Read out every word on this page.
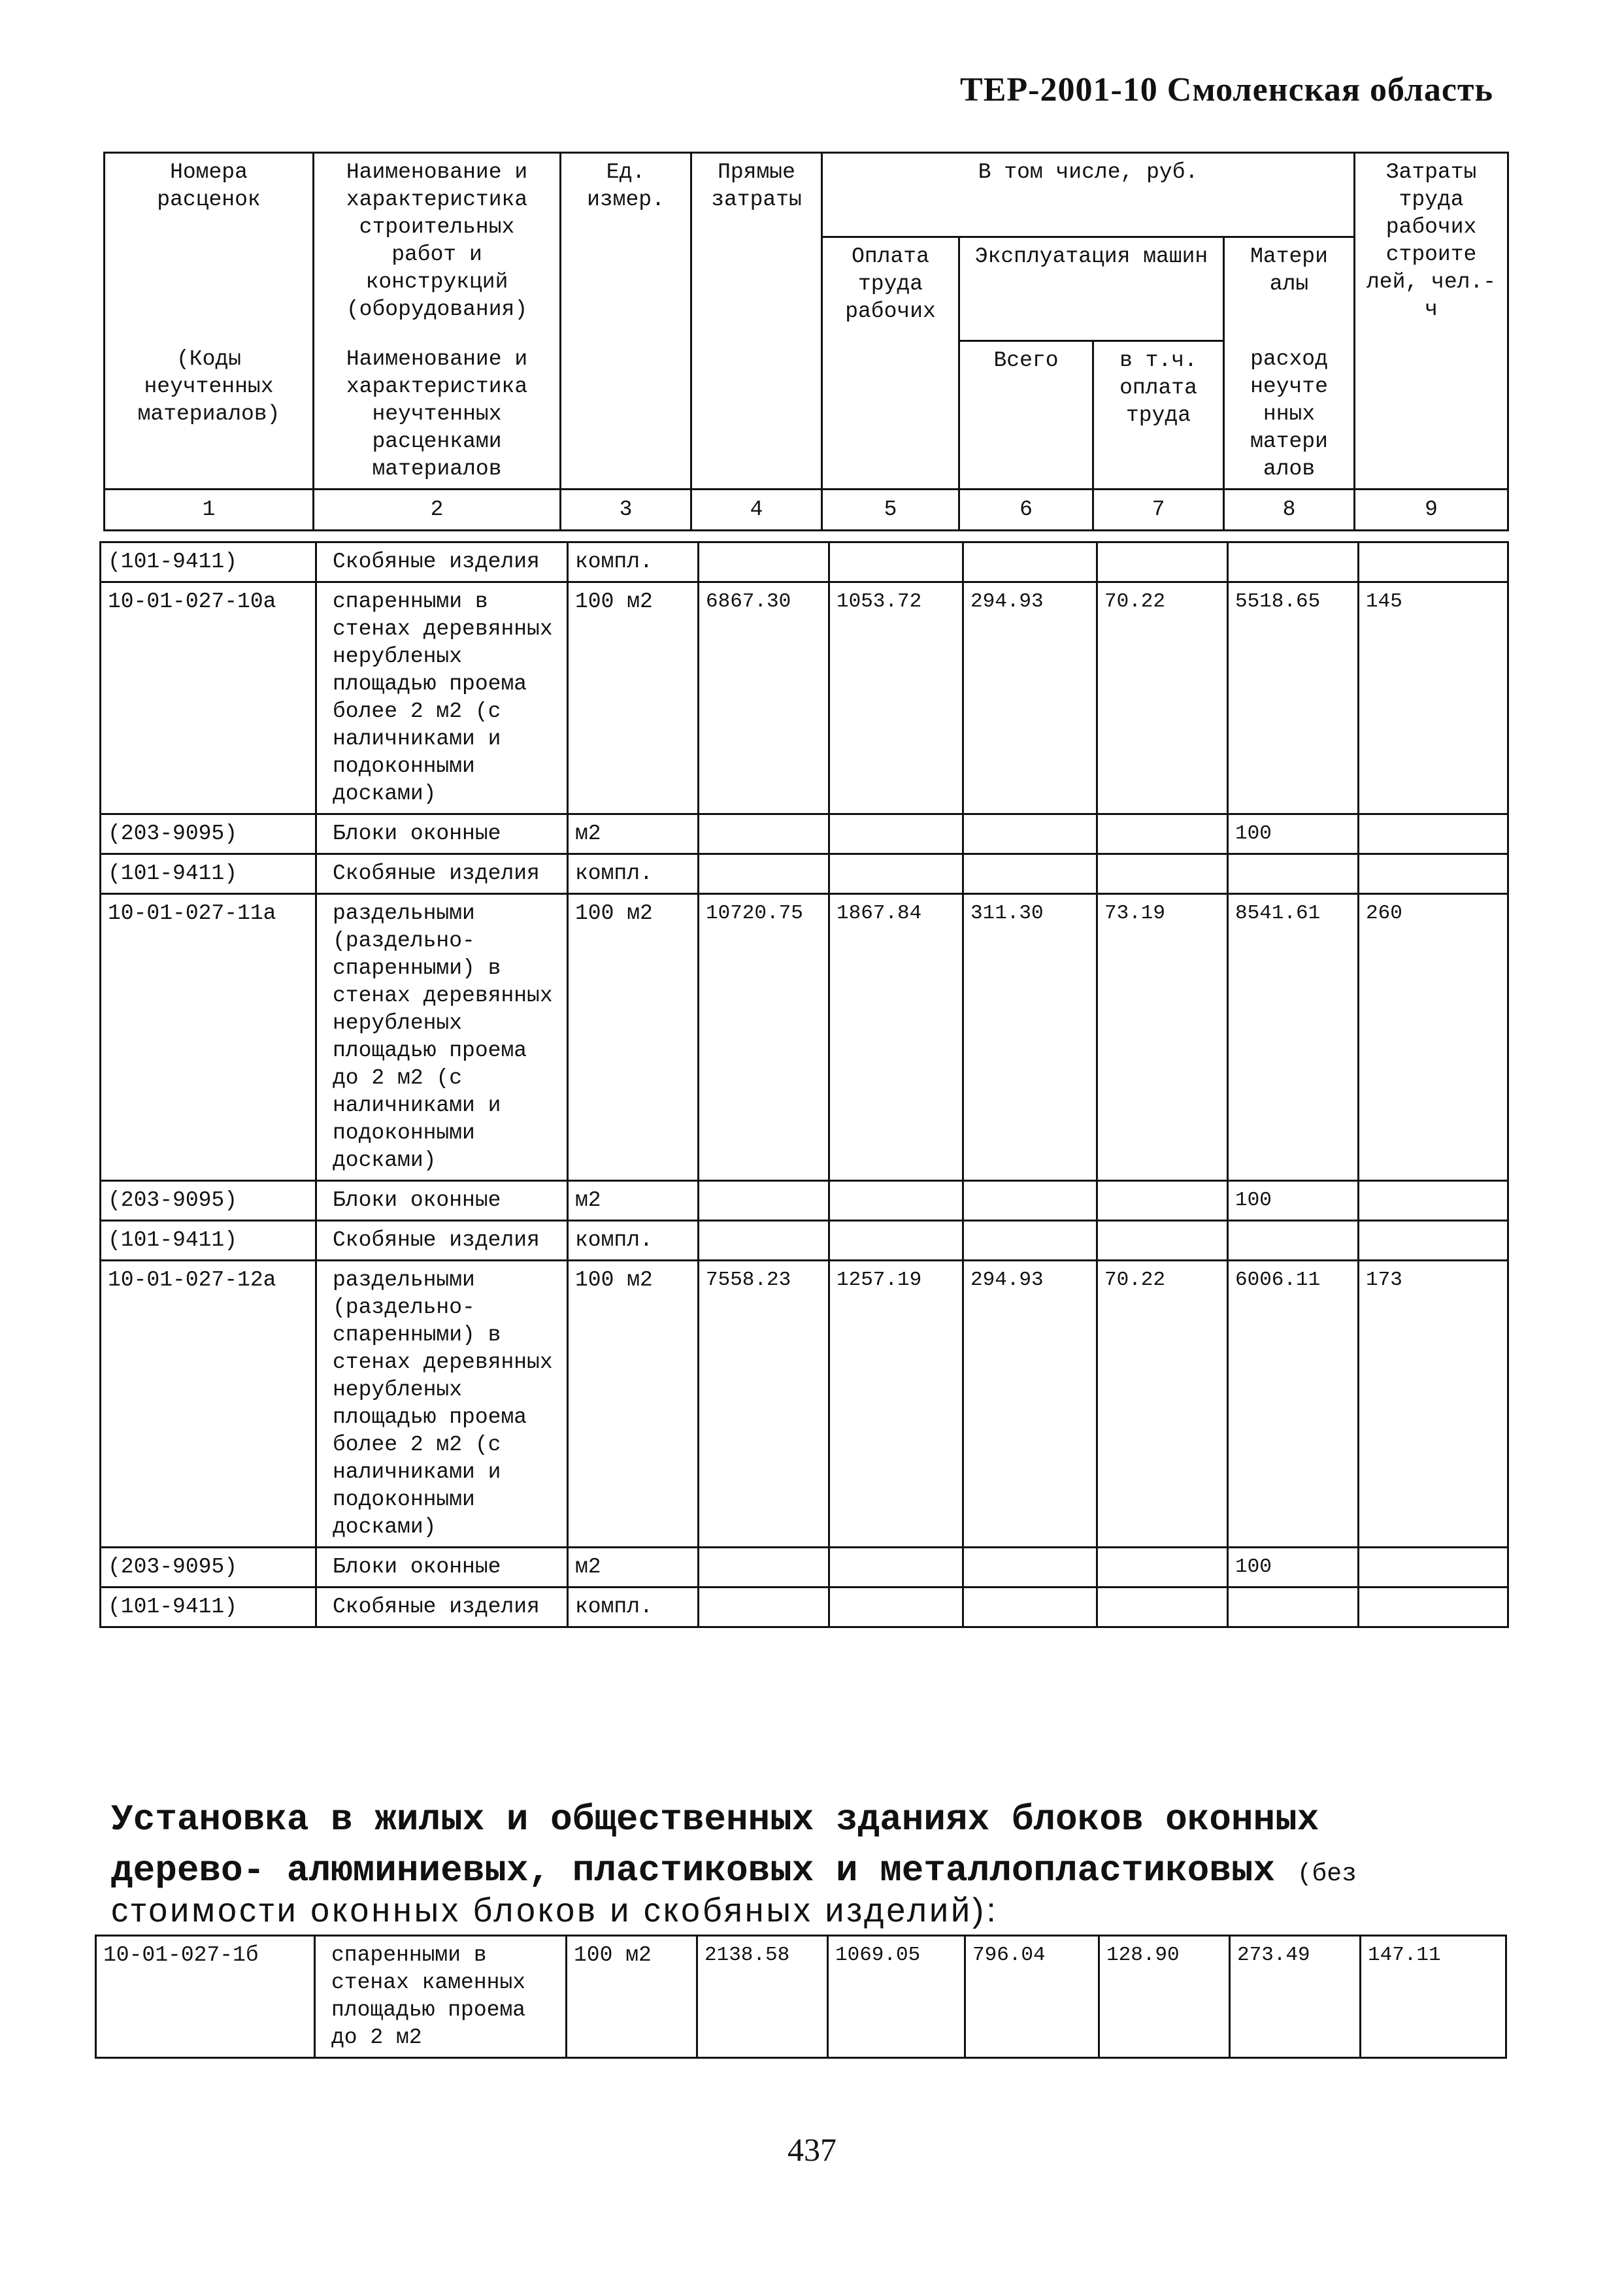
ТЕР-2001-10 Смоленская область
Номера расценок	Наименование и характеристика строительных работ и конструкций (оборудования)	Ед. измер.	Прямые затраты	В том числе, руб.				Затраты труда рабочих строите лей, чел.-ч
				Оплата труда рабочих	Эксплуатация машин		Матери алы	
(Коды неучтенных материалов)	Наименование и характеристика неучтенных расценками материалов				Всего	в т.ч. оплата труда	расход неучте нных матери алов	

1	2	3	4	5	6	7	8	9
(101-9411)	Скобяные изделия	компл.						
10-01-027-10а	спаренными в стенах деревянных нерубленых площадью проема более 2 м2 (с наличниками и подоконными досками)	100 м2	6867.30	1053.72	294.93	70.22	5518.65	145
(203-9095)	Блоки оконные	м2					100	
(101-9411)	Скобяные изделия	компл.						
10-01-027-11а	раздельными (раздельно-спаренными) в стенах деревянных нерубленых площадью проема до 2 м2 (с наличниками и подоконными досками)	100 м2	10720.75	1867.84	311.30	73.19	8541.61	260
(203-9095)	Блоки оконные	м2					100	
(101-9411)	Скобяные изделия	компл.						
10-01-027-12а	раздельными (раздельно-спаренными) в стенах деревянных нерубленых площадью проема более 2 м2 (с наличниками и подоконными досками)	100 м2	7558.23	1257.19	294.93	70.22	6006.11	173
(203-9095)	Блоки оконные	м2					100	
(101-9411)	Скобяные изделия	компл.						
Установка в жилых и общественных зданиях блоков оконных дерево- алюминиевых, пластиковых и металлопластиковых (без
стоимости оконных блоков и скобяных изделий):
10-01-027-1б	спаренными в стенах каменных площадью проема до 2 м2	100 м2	2138.58	1069.05	796.04	128.90	273.49	147.11
437
